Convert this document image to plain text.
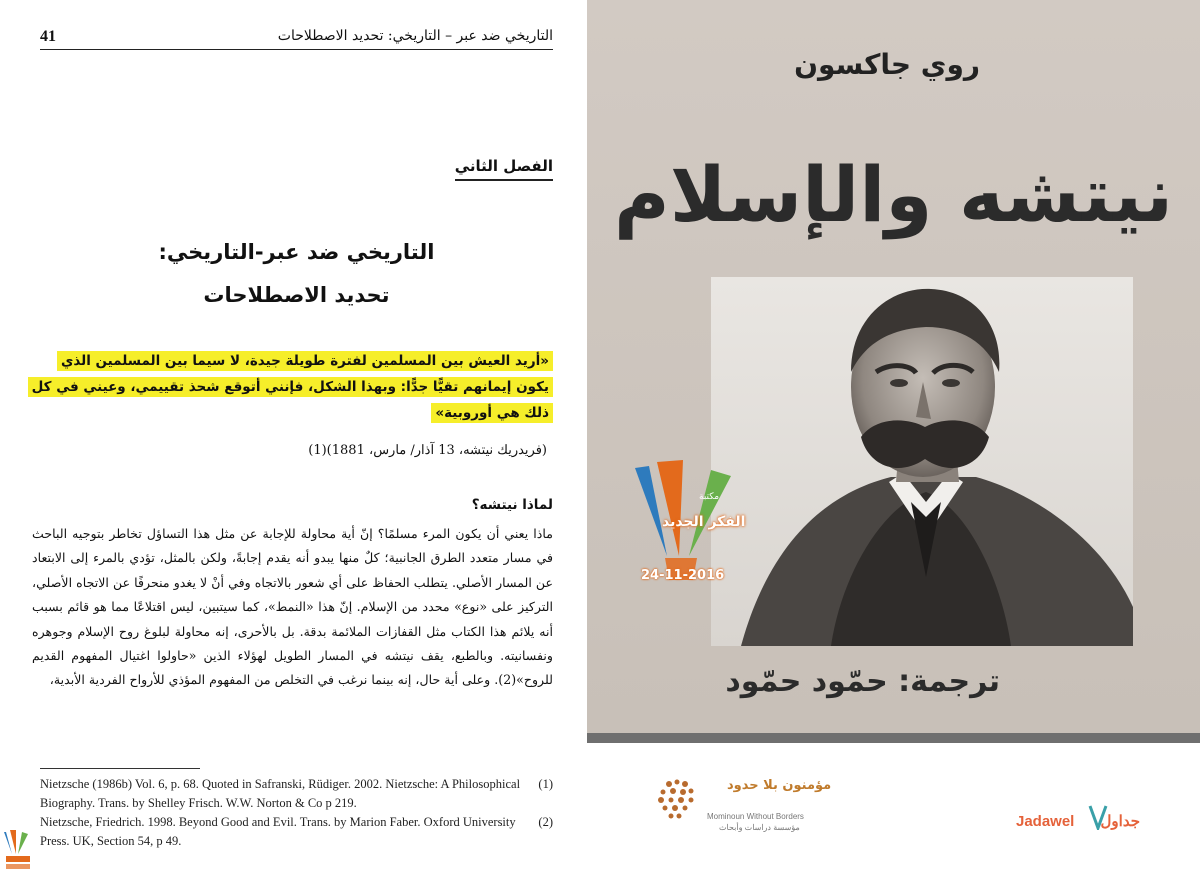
41	التاريخي ضد عبر – التاريخي: تحديد الاصطلاحات
الفصل الثاني
التاريخي ضد عبر-التاريخي:
تحديد الاصطلاحات
«أريد العيش بين المسلمين لفترة طويلة جيدة، لا سيما بين المسلمين الذي يكون إيمانهم تقيًّا جدًّا: وبهذا الشكل، فإنني أتوقع شحذ تقييمي، وعيني في كل ذلك هي أوروبية»
(فريدريك نيتشه، 13 آذار/ مارس، 1881)(1)
لماذا نيتشه؟
ماذا يعني أن يكون المرء مسلمًا؟ إنّ أية محاولة للإجابة عن مثل هذا التساؤل تخاطر بتوجيه الباحث في مسار متعدد الطرق الجانبية؛ كلٌ منها يبدو أنه يقدم إجابةً، ولكن بالمثل، تؤدي بالمرء إلى الابتعاد عن المسار الأصلي. يتطلب الحفاظ على أي شعور بالاتجاه وفي أنْ لا يغدو منحرفًا عن الاتجاه الأصلي، التركيز على «نوع» محدد من الإسلام. إنّ هذا «النمط»، كما سيتبين، ليس اقتلاعًا مما هو قائم بسبب أنه يلائم هذا الكتاب مثل القفازات الملائمة بدقة. بل بالأحرى، إنه محاولة لبلوغ روح الإسلام وجوهره ونفسانيته. وبالطبع، يقف نيتشه في المسار الطويل لهؤلاء الذين «حاولوا اغتيال المفهوم القديم للروح»(2). وعلى أية حال، إنه بينما نرغب في التخلص من المفهوم المؤذي للأرواح الفردية الأبدية،
(1)
Nietzsche (1986b) Vol. 6, p. 68. Quoted in Safranski, Rüdiger. 2002. Nietzsche: A Philosophical Biography. Trans. by Shelley Frisch. W.W. Norton & Co p 219.
(2)
Nietzsche, Friedrich. 1998. Beyond Good and Evil. Trans. by Marion Faber. Oxford University Press. UK, Section 54, p 49.
روي جاكسون
نيتشه والإسلام
مكتبة
الفكر الجديد
24-11-2016
ترجمة: حمّود حمّود
مؤمنون بلا حدود
Mominoun Without Borders
مؤسسة دراسات وأبحاث	Jadawel جداول
